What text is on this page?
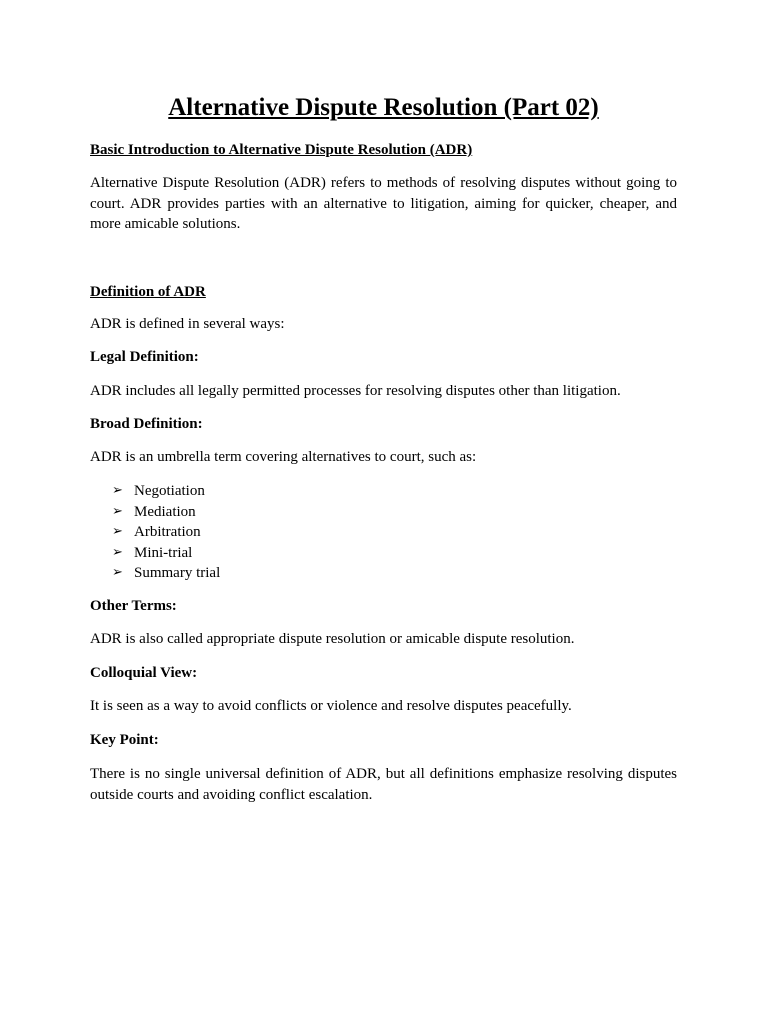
Alternative Dispute Resolution (Part 02)
Basic Introduction to Alternative Dispute Resolution (ADR)

Alternative Dispute Resolution (ADR) refers to methods of resolving disputes without going to court. ADR provides parties with an alternative to litigation, aiming for quicker, cheaper, and more amicable solutions.

Definition of ADR

ADR is defined in several ways:

Legal Definition:

ADR includes all legally permitted processes for resolving disputes other than litigation.

Broad Definition:

ADR is an umbrella term covering alternatives to court, such as:

➢ Negotiation
➢ Mediation
➢ Arbitration
➢ Mini-trial
➢ Summary trial
Other Terms:

ADR is also called appropriate dispute resolution or amicable dispute resolution.

Colloquial View:

It is seen as a way to avoid conflicts or violence and resolve disputes peacefully.

Key Point:

There is no single universal definition of ADR, but all definitions emphasize resolving disputes outside courts and avoiding conflict escalation.
